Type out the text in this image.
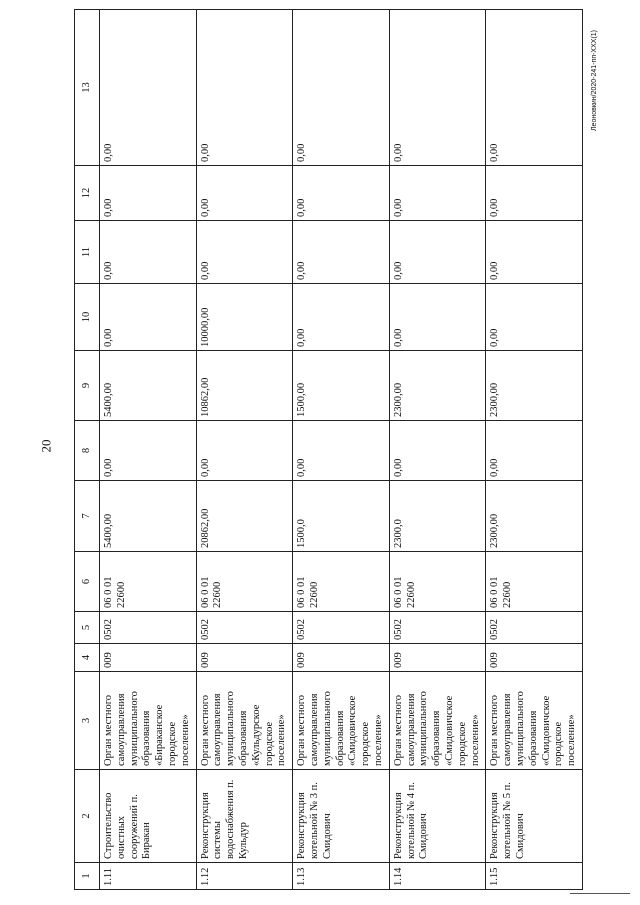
20
1	2	3	4	5	6	7	8	9	10	11	12	13
1.11	Строительство очистных сооружений п. Биракан	Орган местного самоуправления муниципального образования «Бираканское городское поселение»	009	0502	06 0 01 22600	5400,00	0,00	5400,00	0,00	0,00	0,00	0,00
1.12	Реконструкция системы водоснабжения п. Кульдур	Орган местного самоуправления муниципального образования «Кульдурское городское поселение»	009	0502	06 0 01 22600	20862,00	0,00	10862,00	10000,00	0,00	0,00	0,00
1.13	Реконструкция котельной № 3 п. Смидович	Орган местного самоуправления муниципального образования «Смидовичское городское поселение»	009	0502	06 0 01 22600	1500,0	0,00	1500,00	0,00	0,00	0,00	0,00
1.14	Реконструкция котельной № 4 п. Смидович	Орган местного самоуправления муниципального образования «Смидовичское городское поселение»	009	0502	06 0 01 22600	2300,0	0,00	2300,00	0,00	0,00	0,00	0,00
1.15	Реконструкция котельной № 5 п. Смидович	Орган местного самоуправления муниципального образования «Смидовичское городское поселение»	009	0502	06 0 01 22600	2300,00	0,00	2300,00	0,00	0,00	0,00	0,00
Леоновкин/2020-241-пп-ХХХ(1)
